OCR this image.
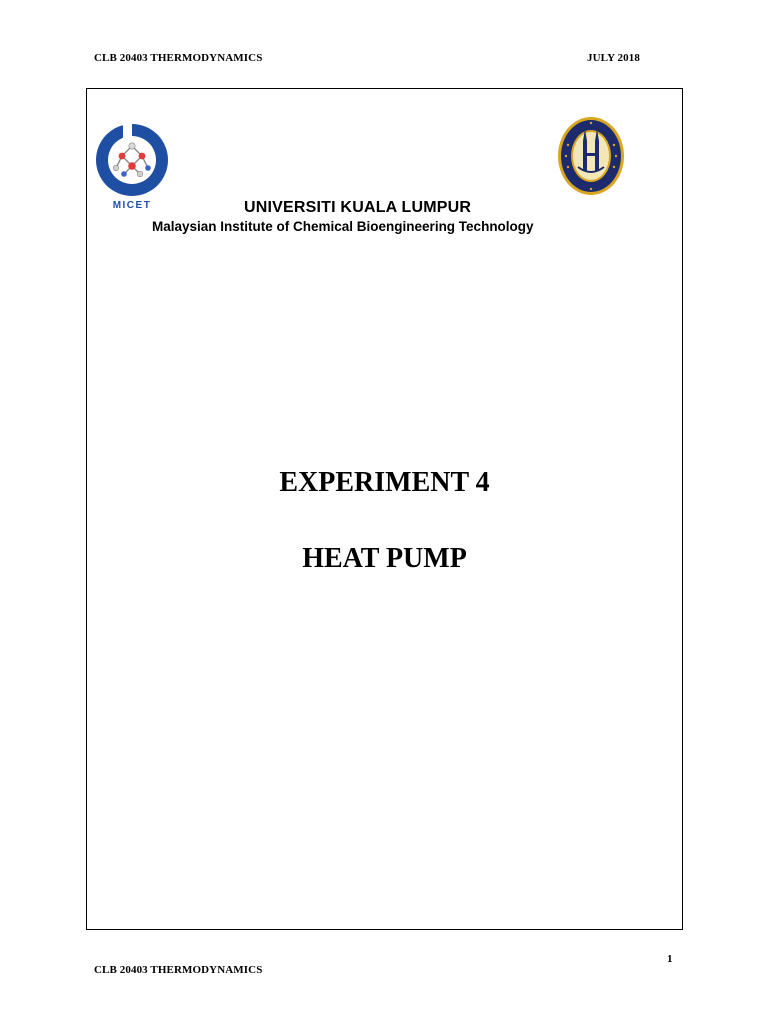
CLB 20403 THERMODYNAMICS	JULY 2018
MICET	UNIVERSITI KUALA LUMPUR
Malaysian Institute of Chemical Bioengineering Technology
EXPERIMENT 4
HEAT PUMP
1
CLB 20403 THERMODYNAMICS
